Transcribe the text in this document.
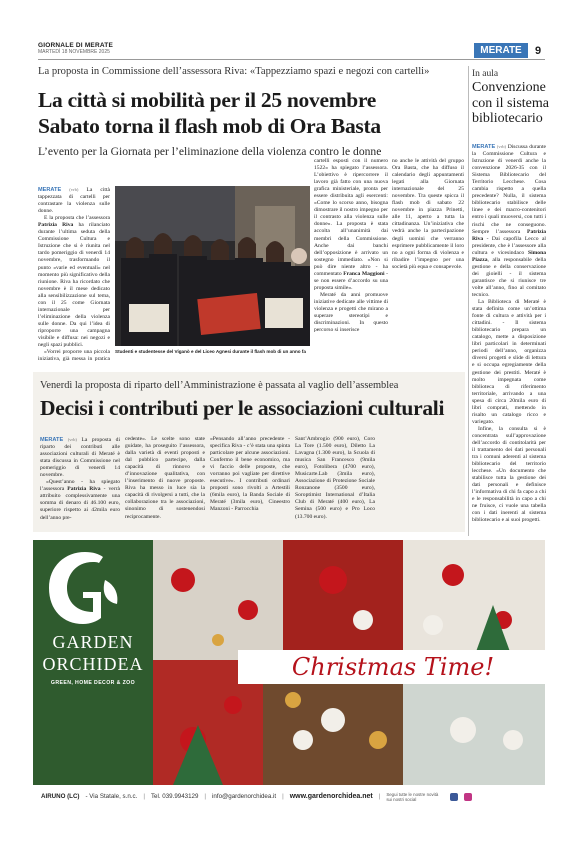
GIORNALE DI MERATE
MARTEDÌ 18 NOVEMBRE 2025	MERATE	9
La proposta in Commissione dell’assessora Riva: «Tappezziamo spazi e negozi con cartelli»
La città si mobilità per il 25 novembre
Sabato torna il flash mob di Ora Basta
L’evento per la Giornata per l’eliminazione della violenza contro le donne

MERATE (vrb) La città tappezzata di cartelli per contrastare la violenza sulle donne.

E la proposta che l’assessora Patrizia Riva ha rilanciato durante l’ultima seduta della Commissione Cultura e Istruzione che si è riunita nel tardo pomeriggio di venerdì 14 novembre, trasformando il punto «varie ed eventuali» nel momento più significativo della riunione. Riva ha ricordato che novembre è il mese dedicato alla sensibilizzazione sul tema, con il 25 come Giornata internazionale per l’eliminazione della violenza sulle donne. Da qui l’idea di riproporre una campagna visibile e diffusa: nei negozi e negli spazi pubblici.

«Vorrei proporre una piccola iniziativa, già messa in pratica

Studenti e studentesse del Viganò e del Liceo Agnesi durante il flash mob di un anno fa

cartelli esposti con il numero 1522» ha spiegato l’assessora. L’obiettivo è ripercorrere il lavoro già fatto con una nuova grafica ministeriale, pronta per essere distribuita agli esercenti: «Come lo scorso anno, bisogna dimostrare il nostro impegno per il contrasto alla violenza sulle donne». La proposta è stata accolta all’unanimità dai membri della Commissione. Anche dai banchi dell’opposizione è arrivato un sostegno immediato. «Non si può dire niente altro - ha commentato Franca Maggioni - se non essere d’accordo su una proposta simile».

Meraté da anni promuove iniziative dedicate alle vittime di violenza e progetti che mirano a superare stereotipi e discriminazioni. In questo percorso si inserisce

no anche le attività del gruppo Ora Basta, che ha diffuso il calendario degli appuntamenti legati alla Giornata internazionale del 25 novembre. Tra queste spicca il flash mob di sabato 22 novembre in piazza Prinetti, alle 11, aperto a tutta la cittadinanza. Un’iniziativa che vedrà anche la partecipazione degli uomini che verranno esprimere pubblicamente il loro no a ogni forma di violenza e ribadire l’impegno per una società più equa e consapevole.

In aula
Convenzione con il sistema bibliotecario

MERATE (vrb) Discussa durante la Commissione Cultura e Istruzione di venerdì anche la convenzione 2026-35 con il Sistema Bibliotecario del Territorio Lecchese. Cosa cambia rispetto a quella precedente? Nulla, il sistema bibliotecario stabilisce delle linee e dei macro-contenitori entro i quali muoversi, con tutti i rischi che ne conseguono. Sempre l’assessora Patrizia Riva - Dai capofila Lecco al presidente, che è l’assessore alla cultura e vicesindaco Simona Piazza, alla responsabile della gestione e della conservazione dei gioielli - il sistema garantisce che si riunisce tre volte all’anno, fino al comitato tecnico.

La Biblioteca di Meraté è stata definita come un’ottima fonte di cultura e attività per i cittadini. - Il sistema bibliotecario prepara un catalogo, mette a disposizione libri particolari in determinati periodi dell’anno, organizza diversi progetti e slide di lettura e si occupa egregiamente della gestione dei prestiti. Meraté è molto impegnata come biblioteca di riferimento territoriale, arrivando a una spesa di circa 20mila euro di libri comprati, mettendo in risalto un catalogo ricco e variegato.

Infine, la consulta si è concentrata sull’approvazione dell’accordo di contitolarità per il trattamento dei dati personali tra i comuni aderenti al sistema bibliotecario del territorio lecchese. «Un documento che stabilisce tutta la gestione dei dati personali e definisce l’informativa di chi fa capo a chi e le responsabilità in capo a chi ne fruisce, ci vuole una tabella con i dati inerenti al sistema bibliotecario e ai suoi progetti.

Venerdì la proposta di riparto dell’Amministrazione è passata al vaglio dell’assemblea
Decisi i contributi per le associazioni culturali

MERATE (vrb) La proposta di riparto dei contributi alle associazioni culturali di Meraté è stata discussa in Commissione nel pomeriggio di venerdì 14 novembre.

«Quest’anno - ha spiegato l’assessora Patrizia Riva - verrà attribuito complessivamente una somma di denaro di 46.100 euro, superiore rispetto ai 42mila euro dell’anno pre-

cedente». Le scelte sono state guidate, ha proseguito l’assessora, dalla varietà di eventi proposti e dal pubblico partecipe, dalla capacità di rinnovo e d’innovazione qualitativa, con l’inserimento di nuove proposte. Riva ha messo in luce sia la capacità di rivolgersi a tutti, che la collaborazione tra le associazioni, sinonimo di sostenendosi reciprocamente.

«Pensando all’anno precedente - specifica Riva - c’è stata una spinta particolare per alcune associazioni. Confermo il bene economico, ma vi faccio delle proposte, che vorranno poi vagliate per direttive esecutive». I contributi ordinari proposti sono rivolti a Artestili (6mila euro), la Banda Sociale di Meraté (3mila euro), Cineestro Manzoni - Parrocchia

Sant’Ambrogio (900 euro), Coro La Tore (1.500 euro), Diletto La Lavagna (1.300 euro), la Scuola di musica San Francesco (9mila euro), Fotolibera (4700 euro), Musicarte.Lab (3mila euro), Associazione di Protezione Sociale Ronzanone (3500 euro), Soroptimist International d’Italia Club di Meraté (400 euro), La Semina (500 euro) e Pro Loco (13.700 euro).

GARDEN
ORCHIDEA
GREEN, HOME DECOR & ZOO
Christmas Time!
AIRUNO (LC) - Via Statale, s.n.c. | Tel. 039.9943129 | info@gardenorchidea.it | www.gardenorchidea.net | Segui tutte le nostre novità sui nostri social
